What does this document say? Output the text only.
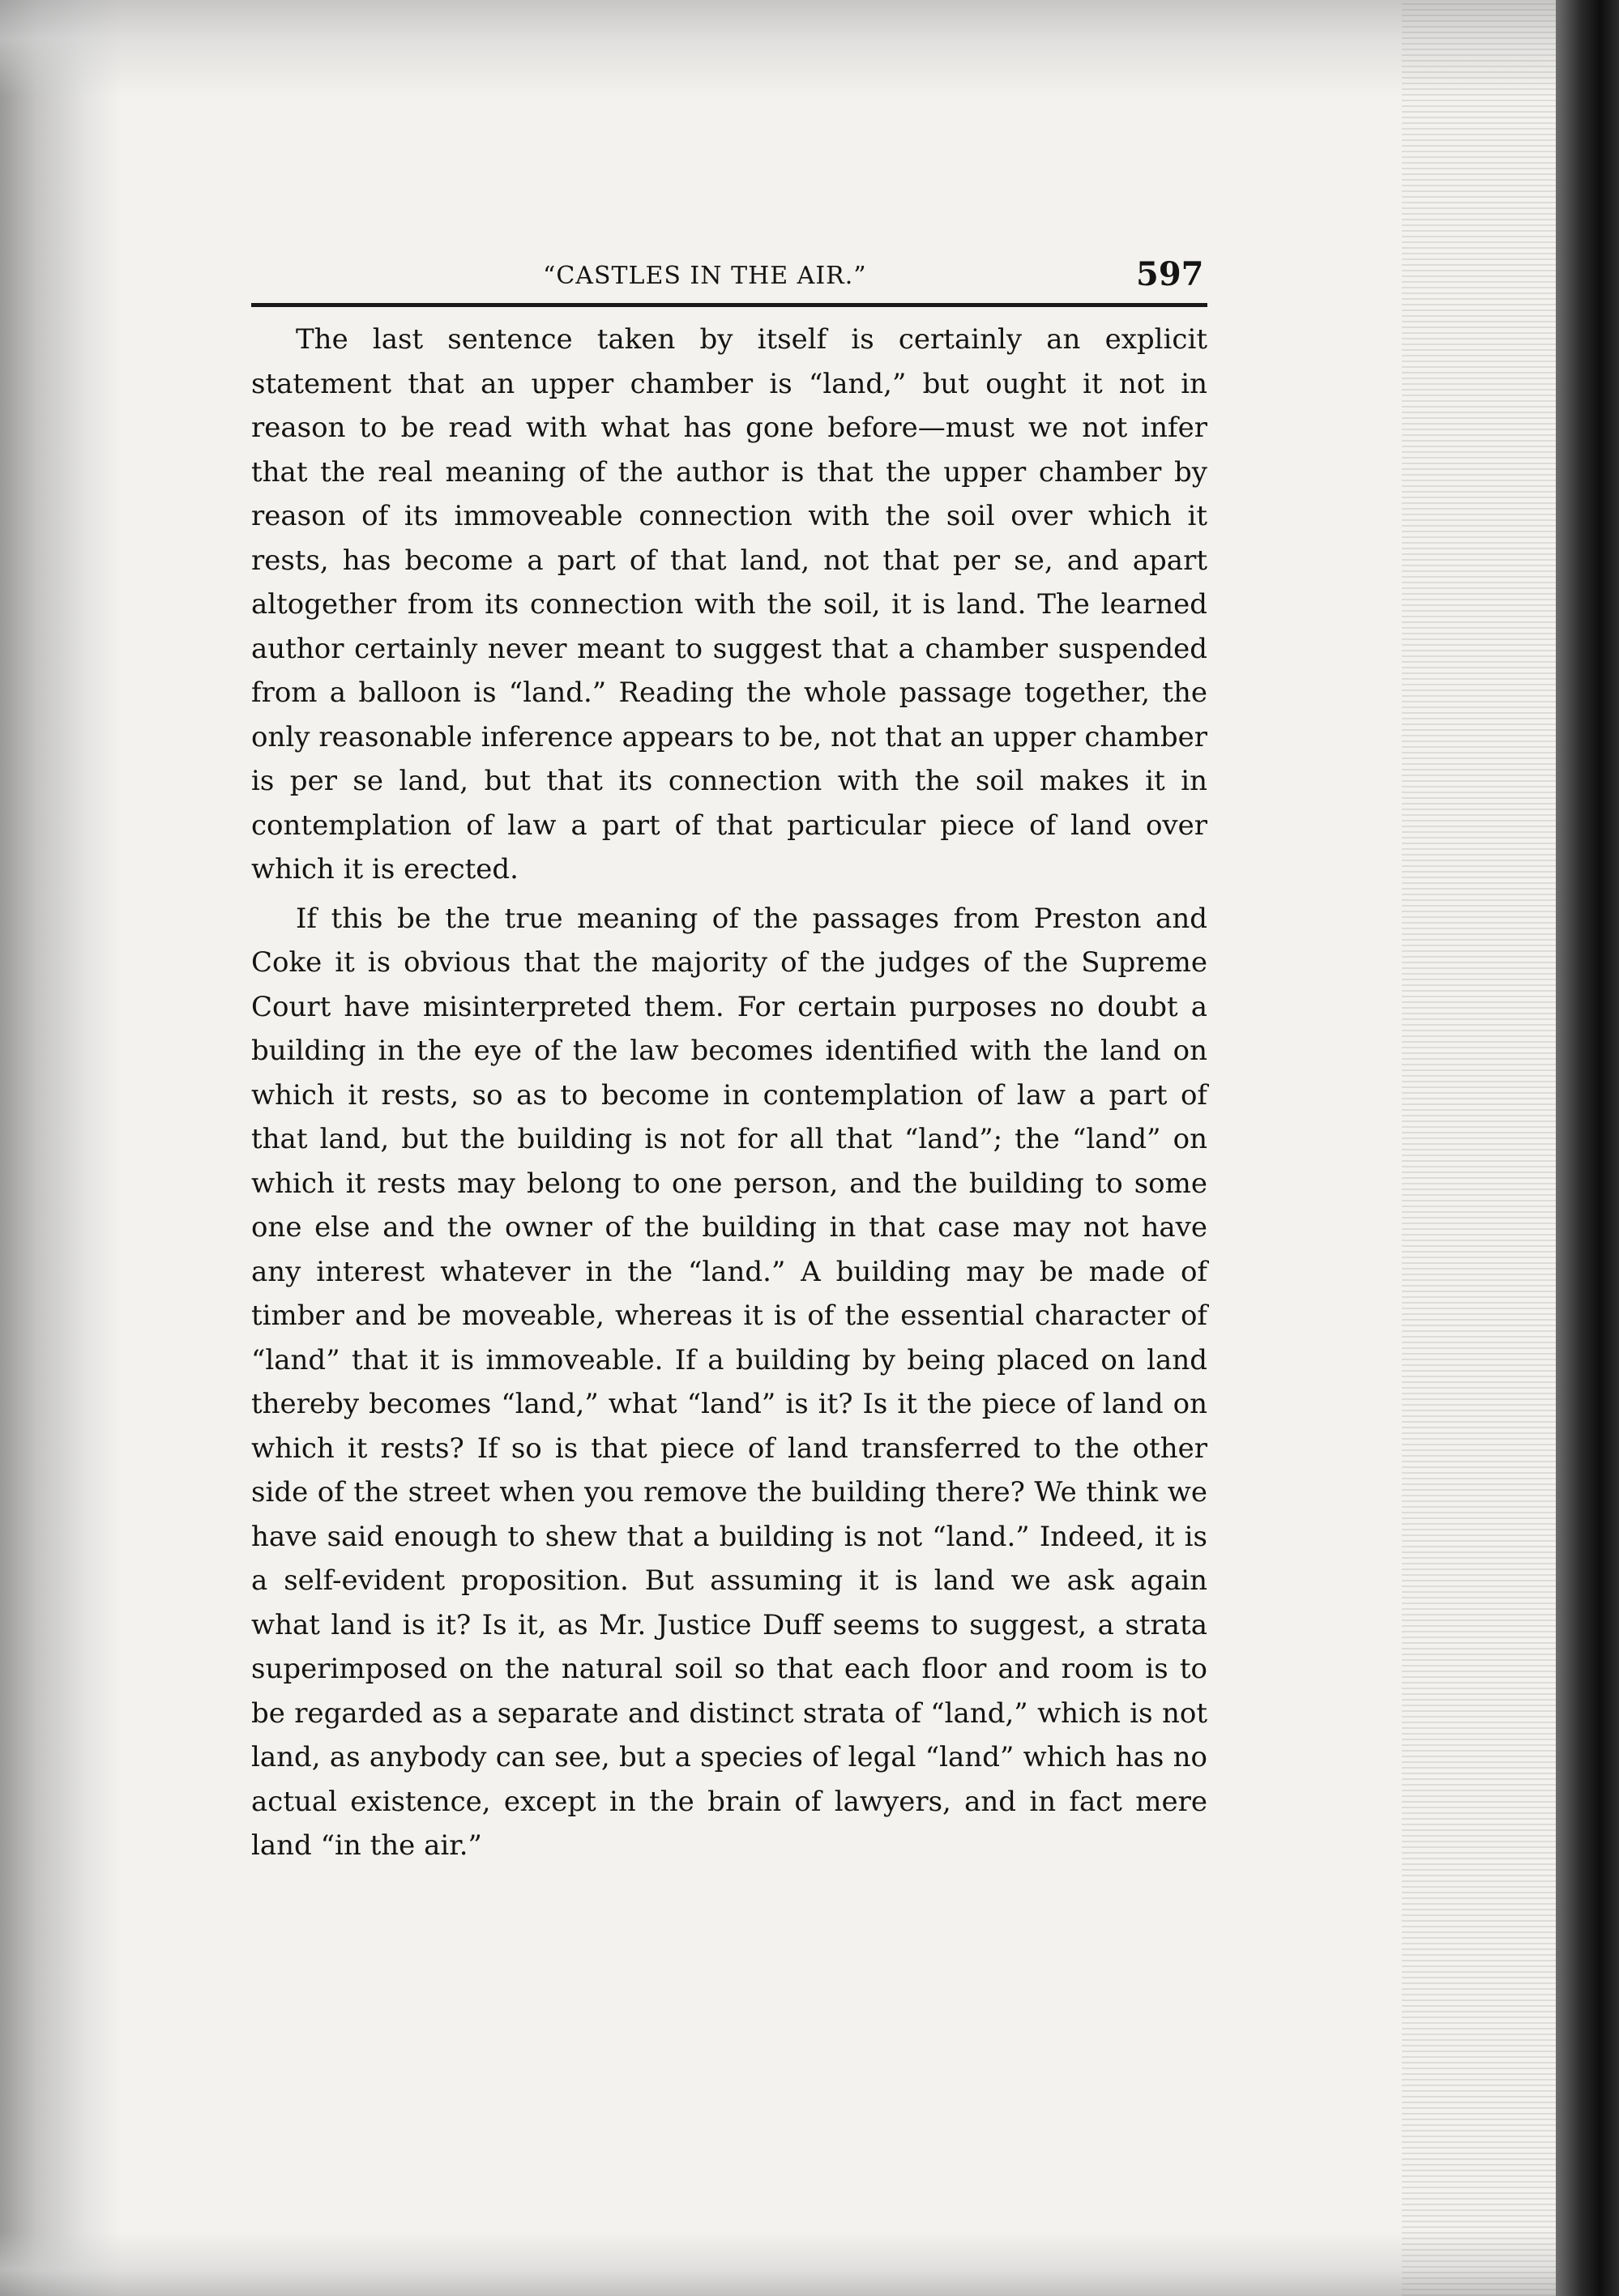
“CASTLES IN THE AIR.”	597

The last sentence taken by itself is certainly an explicit statement that an upper chamber is “land,” but ought it not in reason to be read with what has gone before—must we not infer that the real meaning of the author is that the upper chamber by reason of its immoveable connection with the soil over which it rests, has become a part of that land, not that per se, and apart altogether from its connection with the soil, it is land. The learned author certainly never meant to suggest that a chamber suspended from a balloon is “land.” Reading the whole passage together, the only reasonable inference appears to be, not that an upper chamber is per se land, but that its connection with the soil makes it in contemplation of law a part of that particular piece of land over which it is erected.

If this be the true meaning of the passages from Preston and Coke it is obvious that the majority of the judges of the Supreme Court have misinterpreted them. For certain purposes no doubt a building in the eye of the law becomes identified with the land on which it rests, so as to become in contemplation of law a part of that land, but the building is not for all that “land”; the “land” on which it rests may belong to one person, and the building to some one else and the owner of the building in that case may not have any interest whatever in the “land.” A building may be made of timber and be moveable, whereas it is of the essential character of “land” that it is immoveable. If a building by being placed on land thereby becomes “land,” what “land” is it? Is it the piece of land on which it rests? If so is that piece of land transferred to the other side of the street when you remove the building there? We think we have said enough to shew that a building is not “land.” Indeed, it is a self-evident proposition. But assuming it is land we ask again what land is it? Is it, as Mr. Justice Duff seems to suggest, a strata superimposed on the natural soil so that each floor and room is to be regarded as a separate and distinct strata of “land,” which is not land, as anybody can see, but a species of legal “land” which has no actual existence, except in the brain of lawyers, and in fact mere land “in the air.”
